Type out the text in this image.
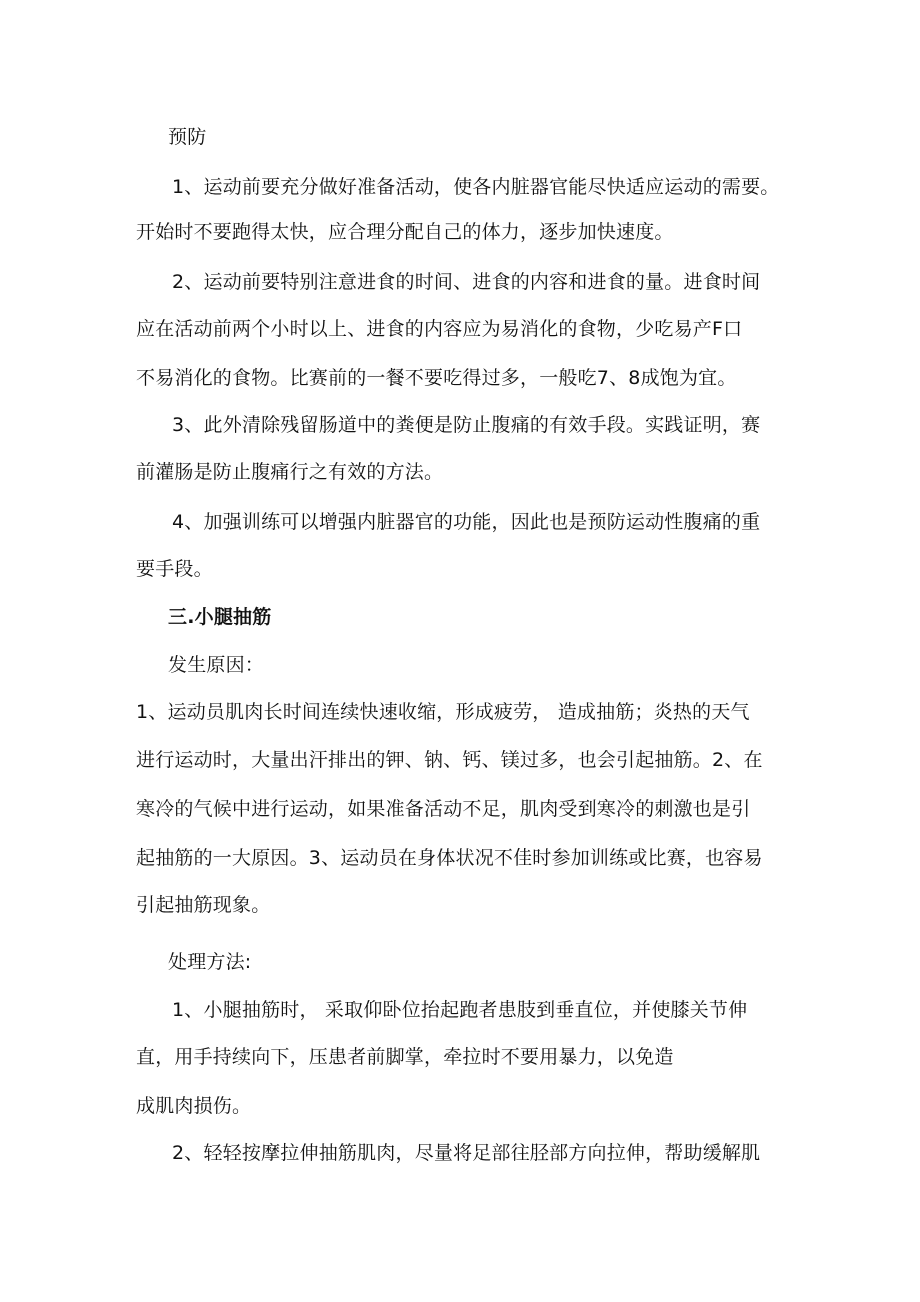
预防
1、运动前要充分做好准备活动，使各内脏器官能尽快适应运动的需要。
开始时不要跑得太快，应合理分配自己的体力，逐步加快速度。
2、运动前要特别注意进食的时间、进食的内容和进食的量。进食时间
应在活动前两个小时以上、进食的内容应为易消化的食物，少吃易产F口
不易消化的食物。比赛前的一餐不要吃得过多，一般吃7、8成饱为宜。
3、此外清除残留肠道中的粪便是防止腹痛的有效手段。实践证明，赛
前灌肠是防止腹痛行之有效的方法。
4、加强训练可以增强内脏器官的功能，因此也是预防运动性腹痛的重
要手段。
三.小腿抽筋
发生原因：
1、运动员肌肉长时间连续快速收缩，形成疲劳， 造成抽筋；炎热的天气
进行运动时，大量出汗排出的钾、钠、钙、镁过多，也会引起抽筋。2、在
寒冷的气候中进行运动，如果准备活动不足，肌肉受到寒冷的刺激也是引
起抽筋的一大原因。3、运动员在身体状况不佳时参加训练或比赛，也容易
引起抽筋现象。
处理方法:
1、小腿抽筋时， 采取仰卧位抬起跑者患肢到垂直位，并使膝关节伸
直，用手持续向下，压患者前脚掌，牵拉时不要用暴力，以免造
成肌肉损伤。
2、轻轻按摩拉伸抽筋肌肉，尽量将足部往胫部方向拉伸，帮助缓解肌
